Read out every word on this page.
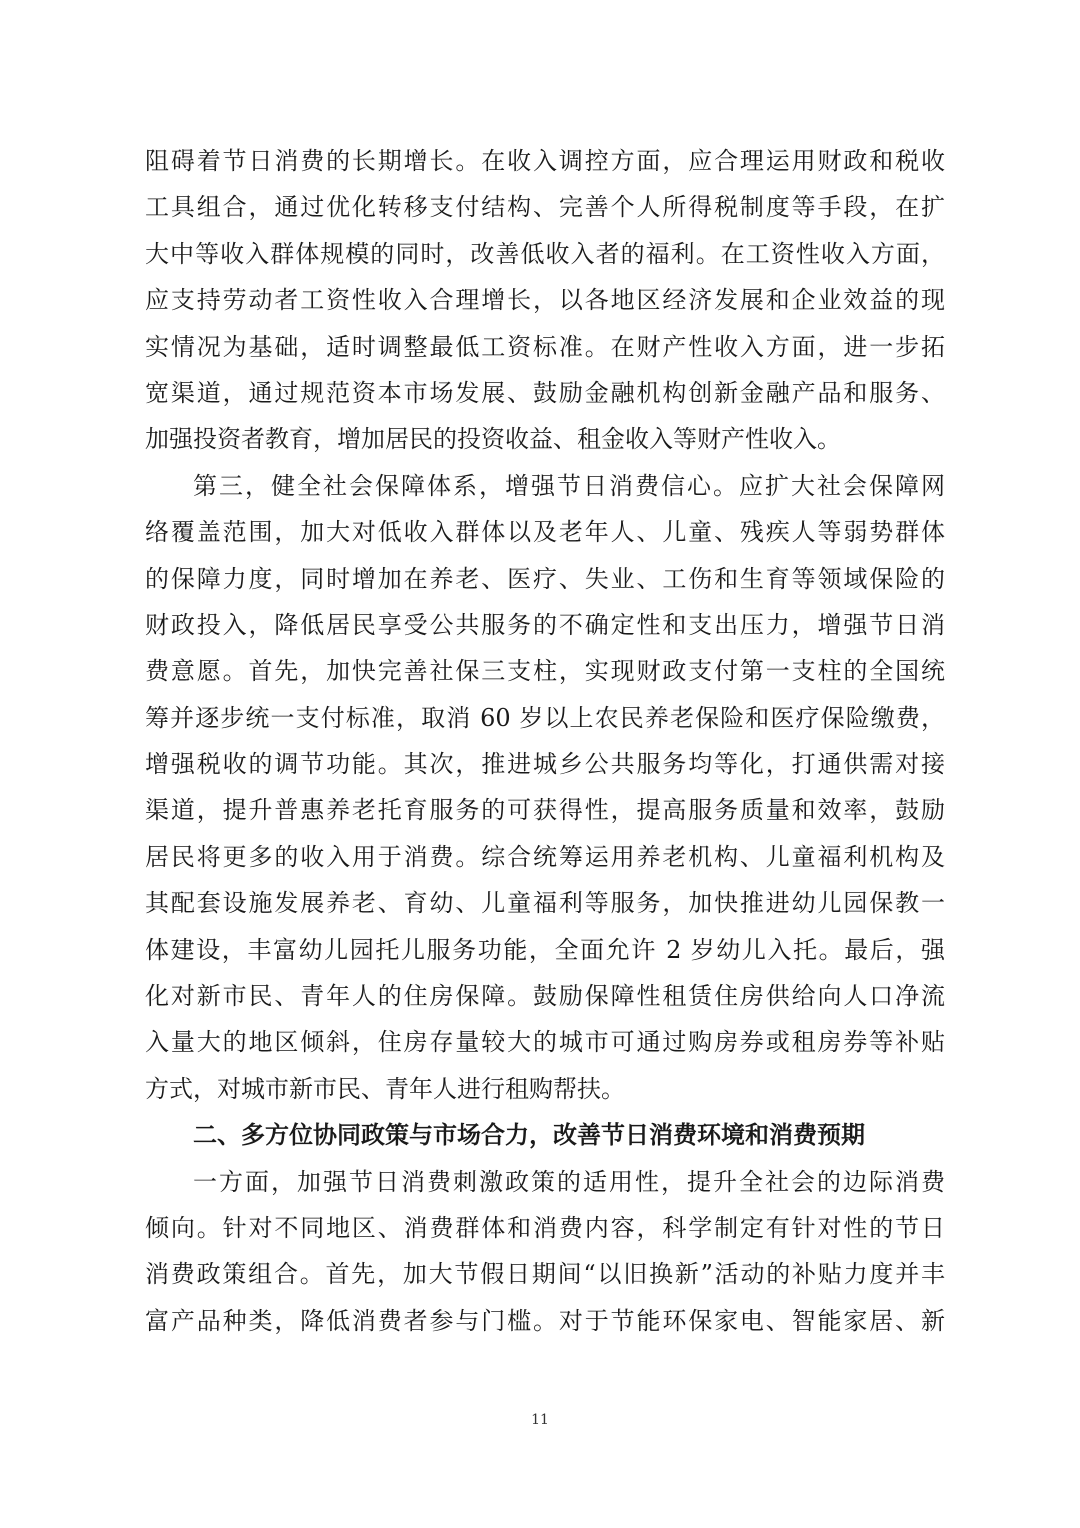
阻碍着节日消费的长期增长。在收入调控方面，应合理运用财政和税收
工具组合，通过优化转移支付结构、完善个人所得税制度等手段，在扩
大中等收入群体规模的同时，改善低收入者的福利。在工资性收入方面，
应支持劳动者工资性收入合理增长，以各地区经济发展和企业效益的现
实情况为基础，适时调整最低工资标准。在财产性收入方面，进一步拓
宽渠道，通过规范资本市场发展、鼓励金融机构创新金融产品和服务、
加强投资者教育，增加居民的投资收益、租金收入等财产性收入。
第三，健全社会保障体系，增强节日消费信心。应扩大社会保障网
络覆盖范围，加大对低收入群体以及老年人、儿童、残疾人等弱势群体
的保障力度，同时增加在养老、医疗、失业、工伤和生育等领域保险的
财政投入，降低居民享受公共服务的不确定性和支出压力，增强节日消
费意愿。首先，加快完善社保三支柱，实现财政支付第一支柱的全国统
筹并逐步统一支付标准，取消 60 岁以上农民养老保险和医疗保险缴费，
增强税收的调节功能。其次，推进城乡公共服务均等化，打通供需对接
渠道，提升普惠养老托育服务的可获得性，提高服务质量和效率，鼓励
居民将更多的收入用于消费。综合统筹运用养老机构、儿童福利机构及
其配套设施发展养老、育幼、儿童福利等服务，加快推进幼儿园保教一
体建设，丰富幼儿园托儿服务功能，全面允许 2 岁幼儿入托。最后，强
化对新市民、青年人的住房保障。鼓励保障性租赁住房供给向人口净流
入量大的地区倾斜，住房存量较大的城市可通过购房券或租房券等补贴
方式，对城市新市民、青年人进行租购帮扶。
二、多方位协同政策与市场合力，改善节日消费环境和消费预期
一方面，加强节日消费刺激政策的适用性，提升全社会的边际消费
倾向。针对不同地区、消费群体和消费内容，科学制定有针对性的节日
消费政策组合。首先，加大节假日期间“以旧换新”活动的补贴力度并丰
富产品种类，降低消费者参与门槛。对于节能环保家电、智能家居、新
11
